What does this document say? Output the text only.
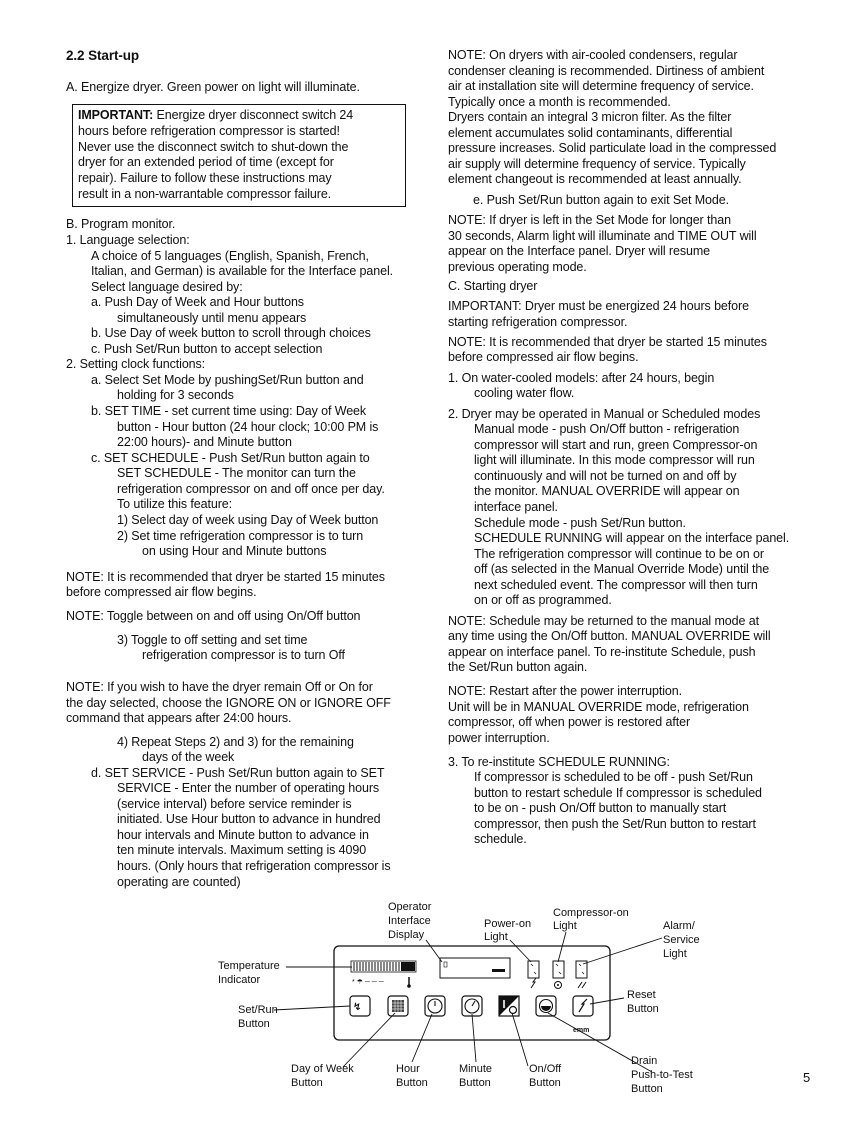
2.2 Start-up
A. Energize dryer. Green power on light will illuminate.
IMPORTANT: Energize dryer disconnect switch 24
hours before refrigeration compressor is started!
Never use the disconnect switch to shut-down the
dryer for an extended period of time (except for
repair). Failure to follow these instructions may
result in a non-warrantable compressor failure.
B. Program monitor.
1. Language selection:
A choice of 5 languages (English, Spanish, French,
Italian, and German) is available for the Interface panel.
Select language desired by:
a. Push Day of Week and Hour buttons
simultaneously until menu appears
b. Use Day of week button to scroll through choices
c. Push Set/Run button to accept selection
2. Setting clock functions:
a. Select Set Mode by pushingSet/Run button and
holding for 3 seconds
b. SET TIME - set current time using: Day of Week
button - Hour button (24 hour clock; 10:00 PM is
22:00 hours)- and Minute button
c. SET SCHEDULE - Push Set/Run button again to
SET SCHEDULE - The monitor can turn the
refrigeration compressor on and off once per day.
To utilize this feature:
1) Select day of week using Day of Week button
2) Set time refrigeration compressor is to turn
on using Hour and Minute buttons
NOTE: It is recommended that dryer be started 15 minutes
before compressed air flow begins.
NOTE: Toggle between on and off using On/Off button
3) Toggle to off setting and set time
refrigeration compressor is to turn Off
NOTE: If you wish to have the dryer remain Off or On for
the day selected, choose the IGNORE ON or IGNORE OFF
command that appears after 24:00 hours.
4) Repeat Steps 2) and 3) for the remaining
days of the week
d. SET SERVICE - Push Set/Run button again to SET
SERVICE - Enter the number of operating hours
(service interval) before service reminder is
initiated. Use Hour button to advance in hundred
hour intervals and Minute button to advance in
ten minute intervals. Maximum setting is 4090
hours. (Only hours that refrigeration compressor is
operating are counted)
NOTE: On dryers with air-cooled condensers, regular
condenser cleaning is recommended. Dirtiness of ambient
air at installation site will determine frequency of service.
Typically once a month is recommended.
Dryers contain an integral 3 micron filter. As the filter
element accumulates solid contaminants, differential
pressure increases. Solid particulate load in the compressed
air supply will determine frequency of service. Typically
element changeout is recommended at least annually.
e. Push Set/Run button again to exit Set Mode.
NOTE: If dryer is left in the Set Mode for longer than
30 seconds, Alarm light will illuminate and TIME OUT will
appear on the Interface panel. Dryer will resume
previous operating mode.
C. Starting dryer
IMPORTANT: Dryer must be energized 24 hours before
starting refrigeration compressor.
NOTE: It is recommended that dryer be started 15 minutes
before compressed air flow begins.
1. On water-cooled models: after 24 hours, begin
cooling water flow.
2. Dryer may be operated in Manual or Scheduled modes
Manual mode - push On/Off button - refrigeration
compressor will start and run, green Compressor-on
light will illuminate. In this mode compressor will run
continuously and will not be turned on and off by
the monitor. MANUAL OVERRIDE will appear on
interface panel.
Schedule mode - push Set/Run button.
SCHEDULE RUNNING will appear on the interface panel.
The refrigeration compressor will continue to be on or
off (as selected in the Manual Override Mode) until the
next scheduled event. The compressor will then turn
on or off as programmed.
NOTE: Schedule may be returned to the manual mode at
any time using the On/Off button. MANUAL OVERRIDE will
appear on interface panel. To re-institute Schedule, push
the Set/Run button again.
NOTE: Restart after the power interruption.
Unit will be in MANUAL OVERRIDE mode, refrigeration
compressor, off when power is restored after
power interruption.
3. To re-institute SCHEDULE RUNNING:
If compressor is scheduled to be off - push Set/Run
button to restart schedule If compressor is scheduled
to be on - push On/Off button to manually start
compressor, then push the Set/Run button to restart
schedule.
* ☂ ─ ─ ─
↯
emm
Operator
Interface
Display
Power-on
Light
Compressor-on
Light	Alarm/
Service
Light
Temperature
Indicator
Set/Run
Button
Reset
Button
Day of Week
Button
Hour
Button
Minute
Button
On/Off
Button
Drain
Push-to-Test
Button
5
